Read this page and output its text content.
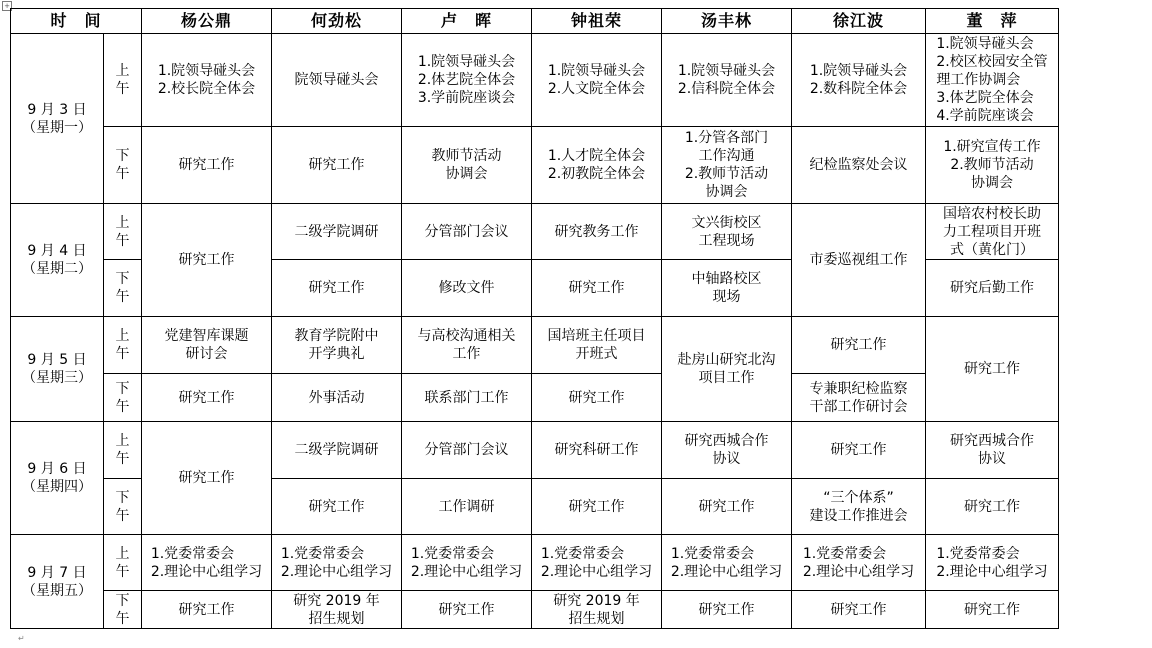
+
时　间		杨公鼎	何劲松	卢　晖	钟祖荣	汤丰林	徐江波	董　萍

9 月 3 日
（星期一）	上
午	1.院领导碰头会
2.校长院全体会	院领导碰头会	1.院领导碰头会
2.体艺院全体会
3.学前院座谈会	1.院领导碰头会
2.人文院全体会	1.院领导碰头会
2.信科院全体会	1.院领导碰头会
2.数科院全体会	1.院领导碰头会
2.校区校园安全管
理工作协调会
3.体艺院全体会
4.学前院座谈会

	下
午	研究工作	研究工作	教师节活动
协调会	1.人才院全体会
2.初教院全体会	1.分管各部门
工作沟通
2.教师节活动
协调会	纪检监察处会议	1.研究宣传工作
2.教师节活动
协调会

9 月 4 日
（星期二）	上
午	研究工作	二级学院调研	分管部门会议	研究教务工作	文兴街校区
工程现场	市委巡视组工作	国培农村校长助
力工程项目开班
式（黄化门）

	下
午		研究工作	修改文件	研究工作	中轴路校区
现场		研究后勤工作

9 月 5 日
（星期三）	上
午	党建智库课题
研讨会	教育学院附中
开学典礼	与高校沟通相关
工作	国培班主任项目
开班式	赴房山研究北沟
项目工作	研究工作	研究工作

	下
午	研究工作	外事活动	联系部门工作	研究工作		专兼职纪检监察
干部工作研讨会	

9 月 6 日
（星期四）	上
午	研究工作	二级学院调研	分管部门会议	研究科研工作	研究西城合作
协议	研究工作	研究西城合作
协议

	下
午		研究工作	工作调研	研究工作	研究工作	“三个体系”
建设工作推进会	研究工作

9 月 7 日
（星期五）	上
午	1.党委常委会
2.理论中心组学习	1.党委常委会
2.理论中心组学习	1.党委常委会
2.理论中心组学习	1.党委常委会
2.理论中心组学习	1.党委常委会
2.理论中心组学习	1.党委常委会
2.理论中心组学习	1.党委常委会
2.理论中心组学习

	下
午	研究工作	研究 2019 年
招生规划	研究工作	研究 2019 年
招生规划	研究工作	研究工作	研究工作
↵
